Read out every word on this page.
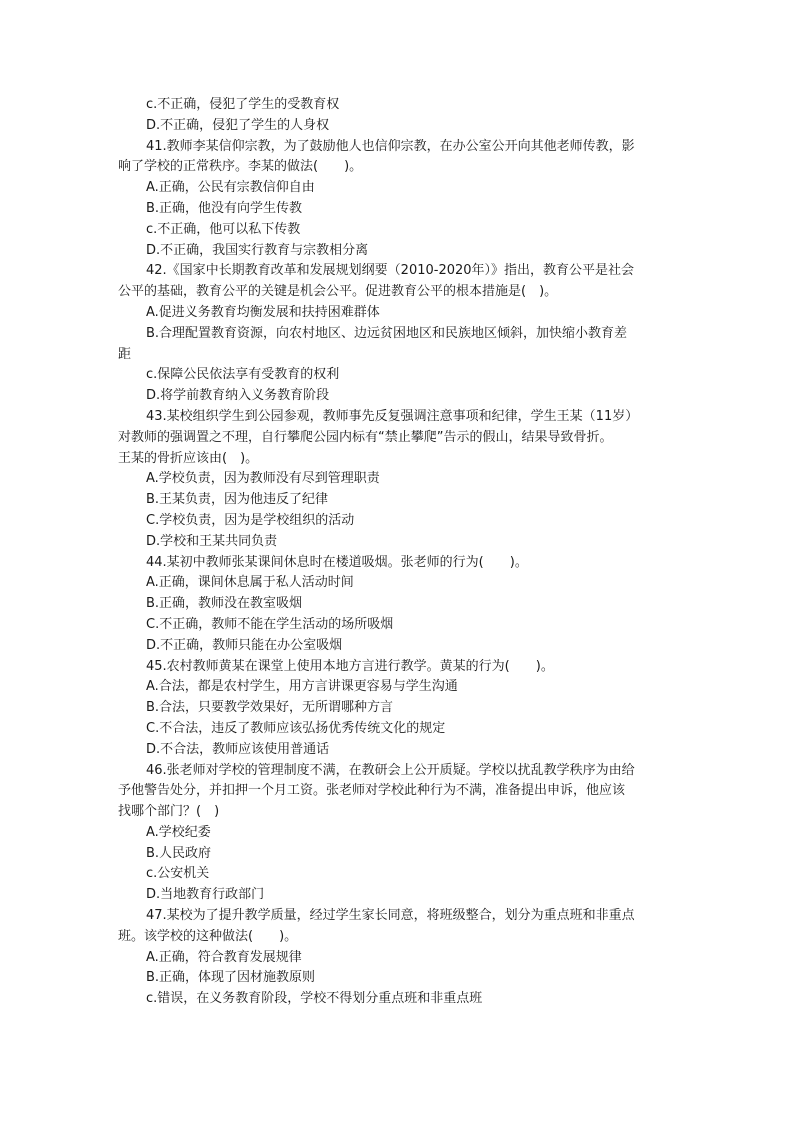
c.不正确，侵犯了学生的受教育权
D.不正确，侵犯了学生的人身权
41.教师李某信仰宗教，为了鼓励他人也信仰宗教，在办公室公开向其他老师传教，影
响了学校的正常秩序。李某的做法(　　)。
A.正确，公民有宗教信仰自由
B.正确，他没有向学生传教
c.不正确，他可以私下传教
D.不正确，我国实行教育与宗教相分离
42.《国家中长期教育改革和发展规划纲要（2010-2020年）》指出，教育公平是社会
公平的基础，教育公平的关键是机会公平。促进教育公平的根本措施是(　)。
A.促进义务教育均衡发展和扶持困难群体
B.合理配置教育资源，向农村地区、边远贫困地区和民族地区倾斜，加快缩小教育差
距
c.保障公民依法享有受教育的权利
D.将学前教育纳入义务教育阶段
43.某校组织学生到公园参观，教师事先反复强调注意事项和纪律，学生王某（11岁）
对教师的强调置之不理，自行攀爬公园内标有“禁止攀爬”告示的假山，结果导致骨折。
王某的骨折应该由(　)。
A.学校负责，因为教师没有尽到管理职责
B.王某负责，因为他违反了纪律
C.学校负责，因为是学校组织的活动
D.学校和王某共同负责
44.某初中教师张某课间休息时在楼道吸烟。张老师的行为(　　)。
A.正确，课间休息属于私人活动时间
B.正确，教师没在教室吸烟
C.不正确，教师不能在学生活动的场所吸烟
D.不正确，教师只能在办公室吸烟
45.农村教师黄某在课堂上使用本地方言进行教学。黄某的行为(　　)。
A.合法，都是农村学生，用方言讲课更容易与学生沟通
B.合法，只要教学效果好，无所谓哪种方言
C.不合法，违反了教师应该弘扬优秀传统文化的规定
D.不合法，教师应该使用普通话
46.张老师对学校的管理制度不满，在教研会上公开质疑。学校以扰乱教学秩序为由给
予他警告处分，并扣押一个月工资。张老师对学校此种行为不满，准备提出申诉，他应该
找哪个部门？(　)
A.学校纪委
B.人民政府
c.公安机关
D.当地教育行政部门
47.某校为了提升教学质量，经过学生家长同意，将班级整合，划分为重点班和非重点
班。该学校的这种做法(　　)。
A.正确，符合教育发展规律
B.正确，体现了因材施教原则
c.错误，在义务教育阶段，学校不得划分重点班和非重点班
